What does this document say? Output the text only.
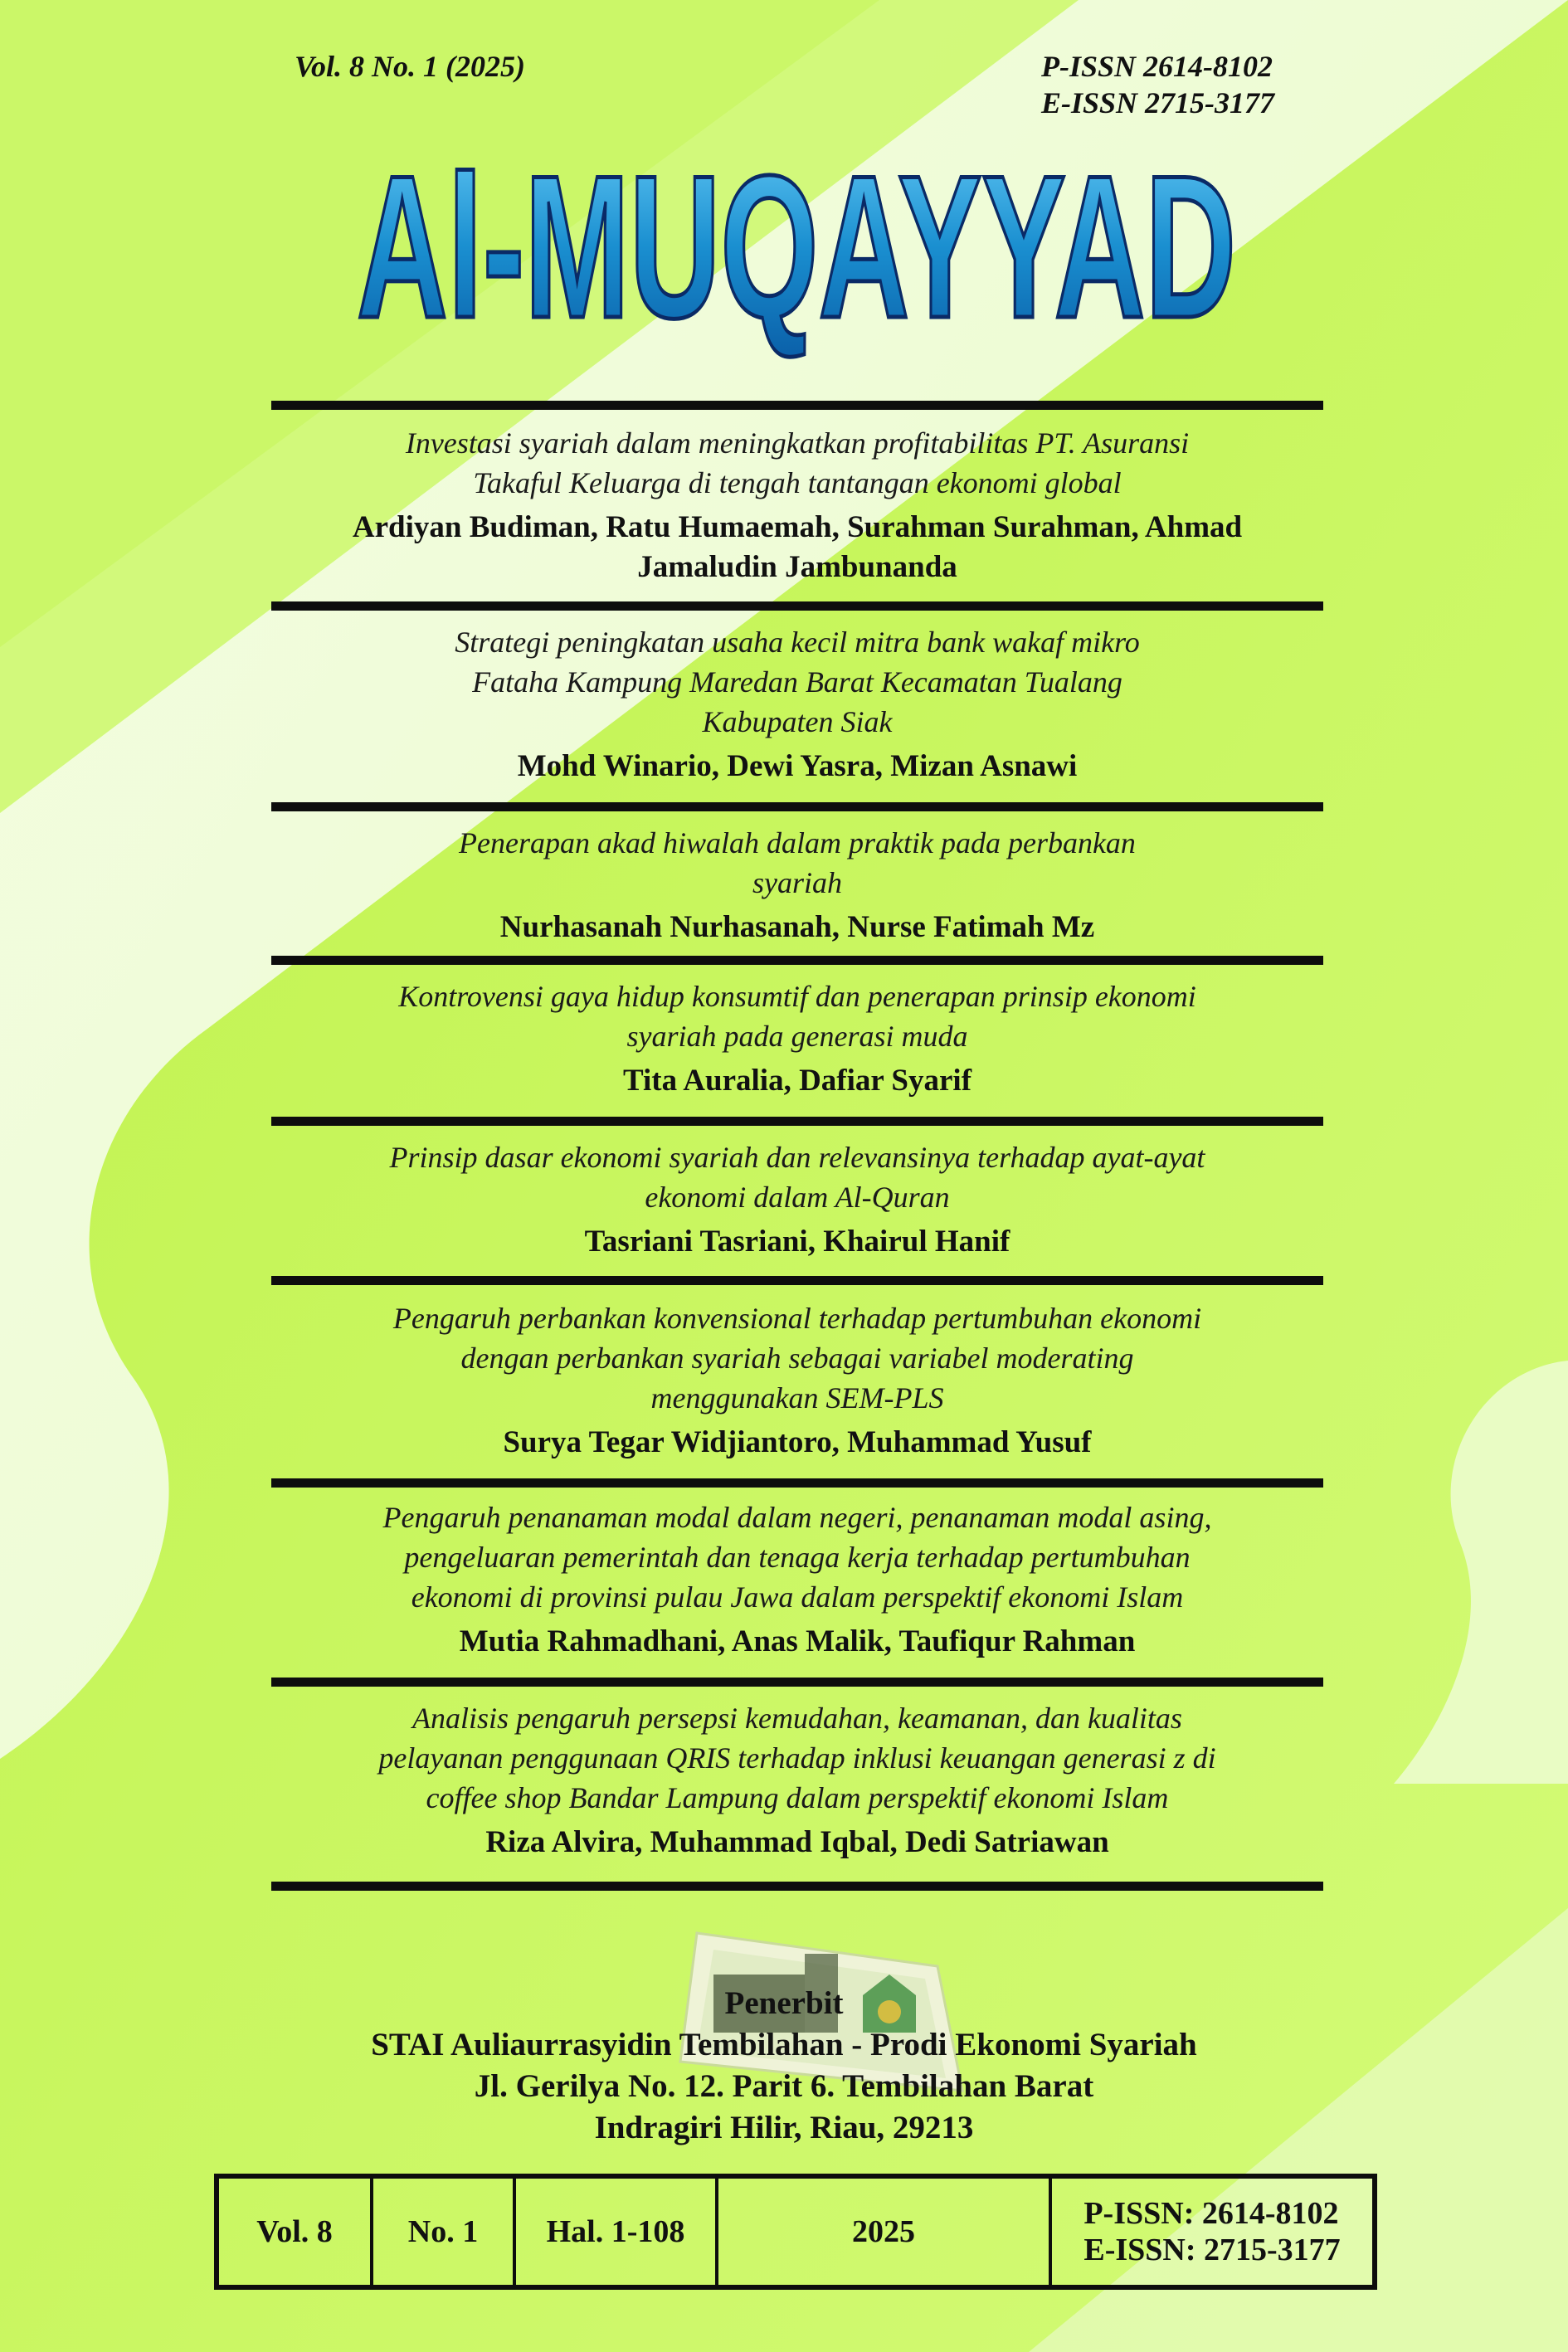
Vol. 8 No. 1 (2025)	P-ISSN 2614-8102
E-ISSN 2715-3177
Al-MUQAYYAD
Investasi syariah dalam meningkatkan profitabilitas PT. Asuransi
Takaful Keluarga di tengah tantangan ekonomi global
Ardiyan Budiman, Ratu Humaemah, Surahman Surahman, Ahmad
Jamaludin Jambunanda
Strategi peningkatan usaha kecil mitra bank wakaf mikro
Fataha Kampung Maredan Barat Kecamatan Tualang
Kabupaten Siak
Mohd Winario, Dewi Yasra, Mizan Asnawi
Penerapan akad hiwalah dalam praktik pada perbankan
syariah
Nurhasanah Nurhasanah, Nurse Fatimah Mz
Kontrovensi gaya hidup konsumtif dan penerapan prinsip ekonomi
syariah pada generasi muda
Tita Auralia, Dafiar Syarif
Prinsip dasar ekonomi syariah dan relevansinya terhadap ayat-ayat
ekonomi dalam Al-Quran
Tasriani Tasriani, Khairul Hanif
Pengaruh perbankan konvensional terhadap pertumbuhan ekonomi
dengan perbankan syariah sebagai variabel moderating
menggunakan SEM-PLS
Surya Tegar Widjiantoro, Muhammad Yusuf
Pengaruh penanaman modal dalam negeri, penanaman modal asing,
pengeluaran pemerintah dan tenaga kerja terhadap pertumbuhan
ekonomi di provinsi pulau Jawa dalam perspektif ekonomi Islam
Mutia Rahmadhani, Anas Malik, Taufiqur Rahman
Analisis pengaruh persepsi kemudahan, keamanan, dan kualitas
pelayanan penggunaan QRIS terhadap inklusi keuangan generasi z di
coffee shop Bandar Lampung dalam perspektif ekonomi Islam
Riza Alvira, Muhammad Iqbal, Dedi Satriawan
Penerbit
STAI Auliaurrasyidin Tembilahan - Prodi Ekonomi Syariah
Jl. Gerilya No. 12. Parit 6. Tembilahan Barat
Indragiri Hilir, Riau, 29213
Vol. 8	No. 1	Hal. 1-108	2025
P-ISSN: 2614-8102
E-ISSN: 2715-3177
